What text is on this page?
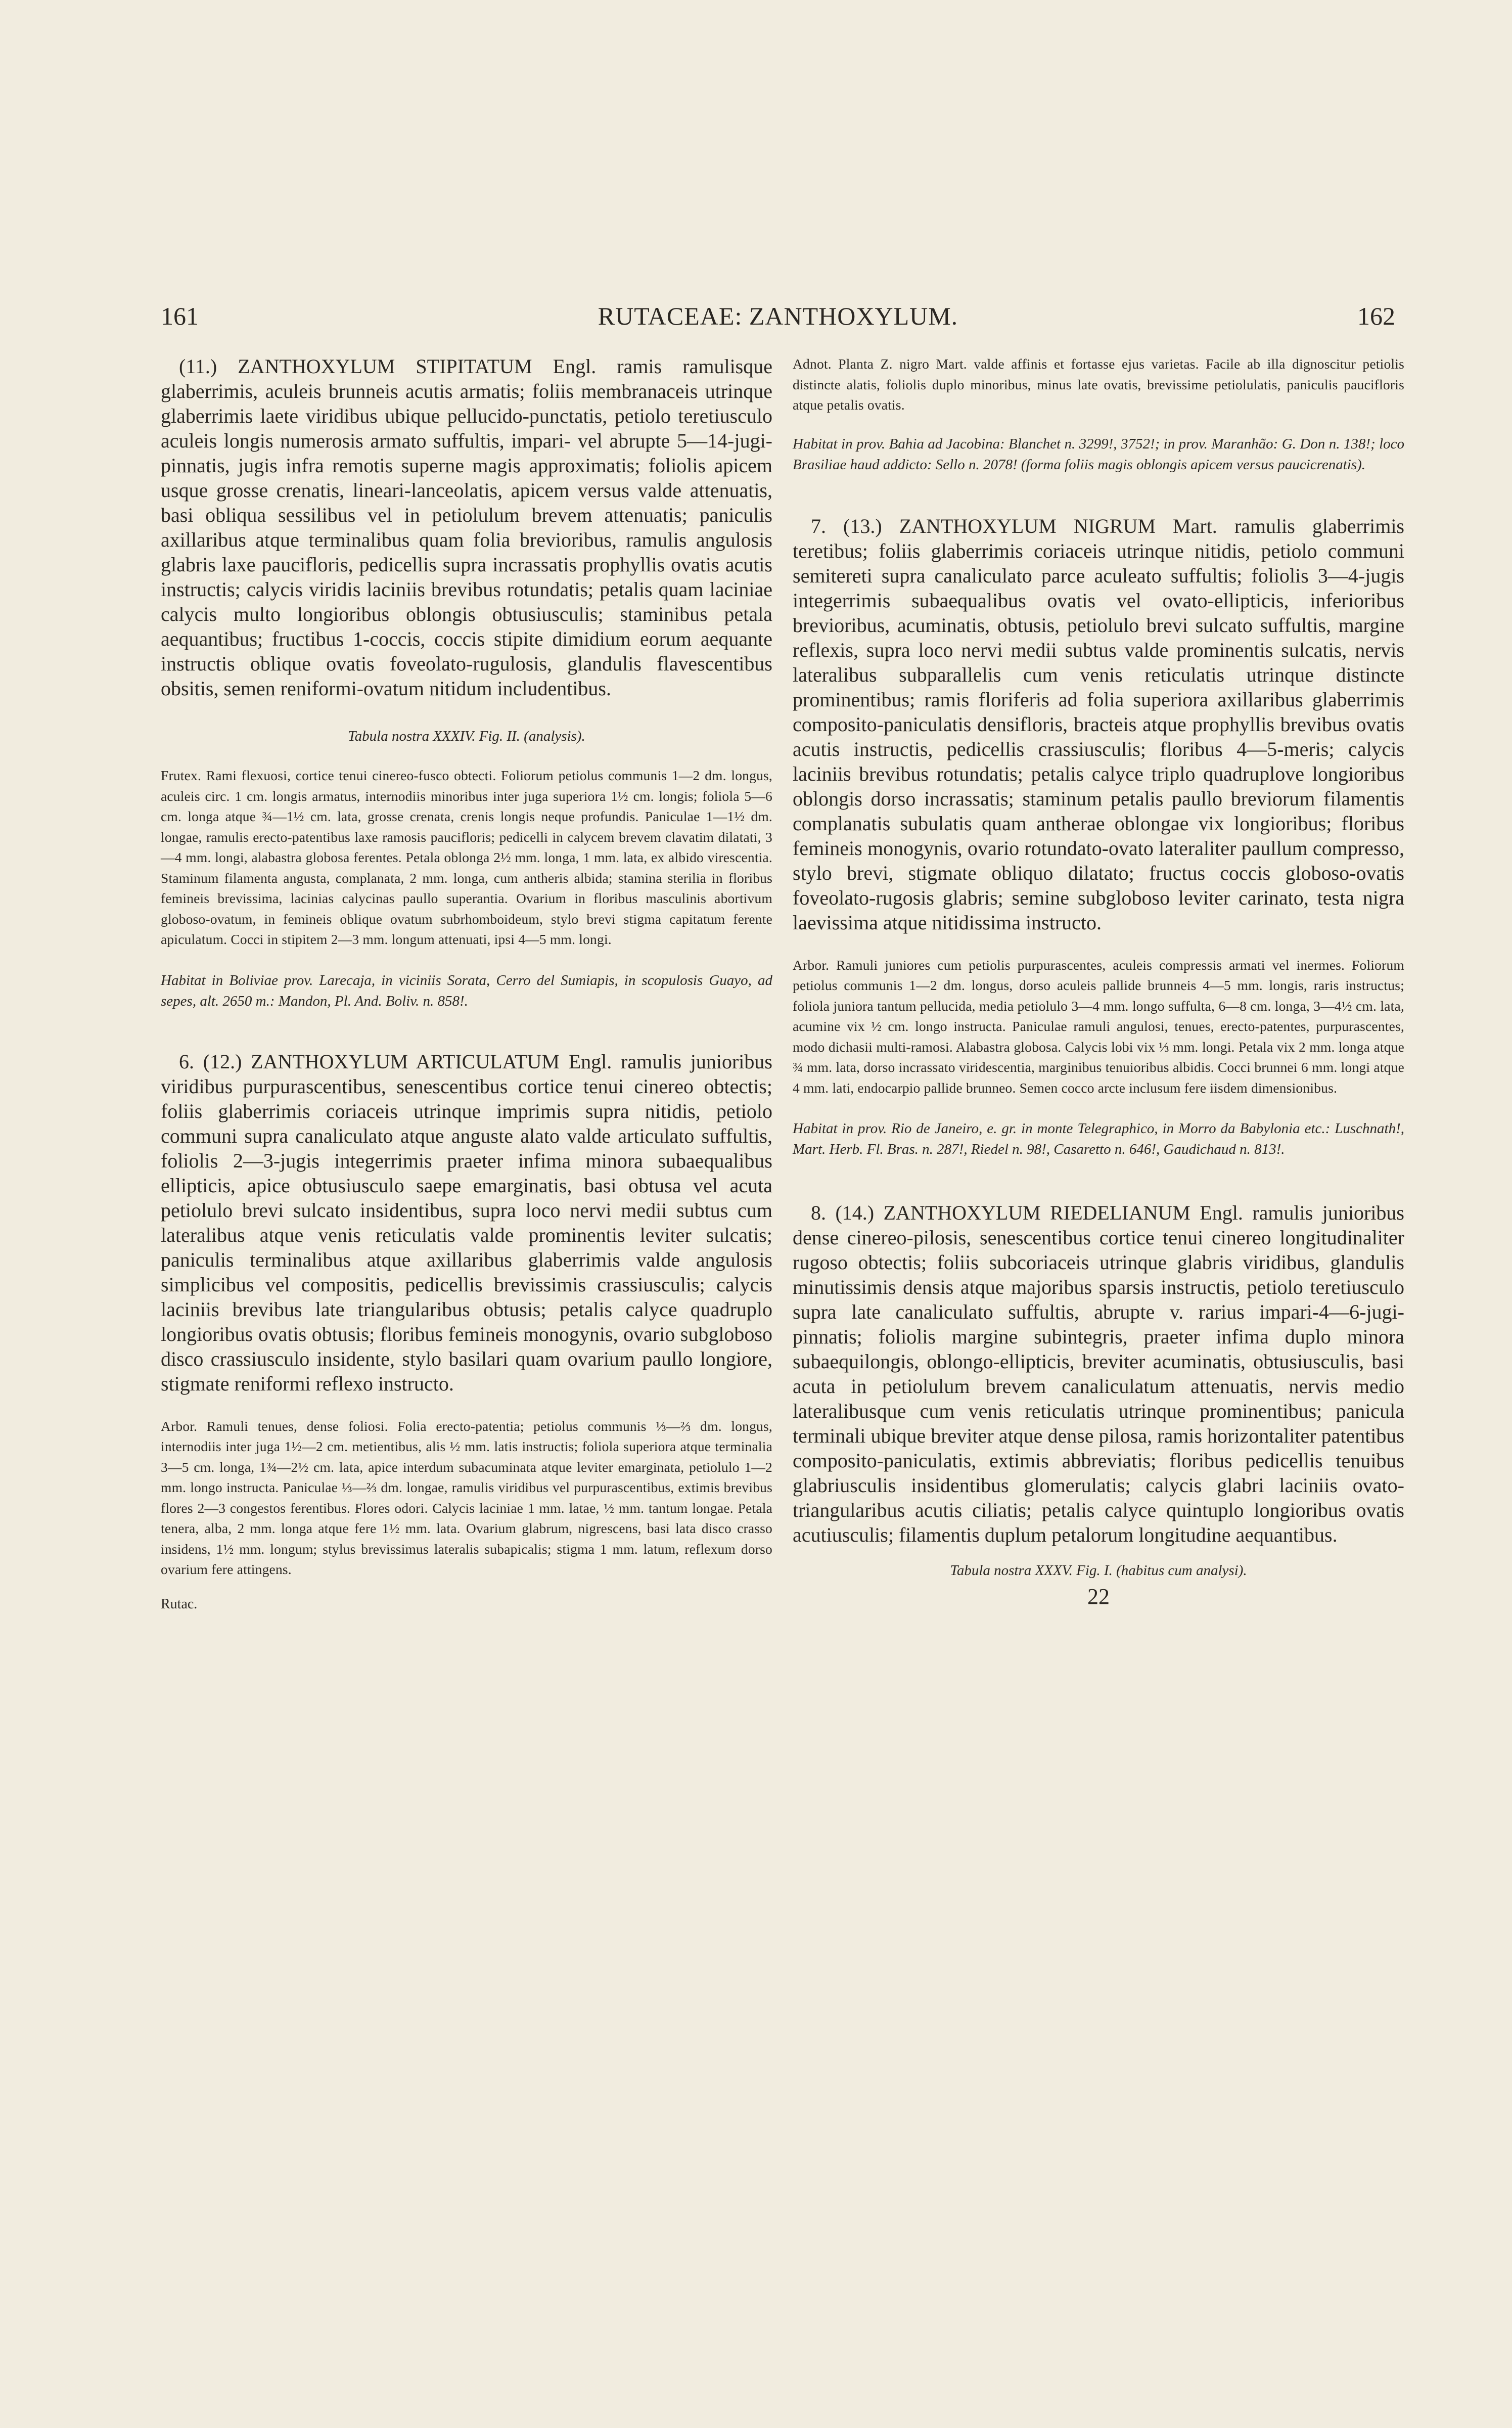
161	RUTACEAE: ZANTHOXYLUM.	162

(11.) ZANTHOXYLUM STIPITATUM Engl. ramis ramulisque glaberrimis, aculeis brunneis acutis armatis; foliis membranaceis utrinque glaberrimis laete viridibus ubique pellucido-punctatis, petiolo teretiusculo aculeis longis numerosis armato suffultis, impari- vel abrupte 5—14-jugi-pinnatis, jugis infra remotis superne magis approximatis; foliolis apicem usque grosse crenatis, lineari-lanceolatis, apicem versus valde attenuatis, basi obliqua sessilibus vel in petiolulum brevem attenuatis; paniculis axillaribus atque terminalibus quam folia brevioribus, ramulis angulosis glabris laxe paucifloris, pedicellis supra incrassatis prophyllis ovatis acutis instructis; calycis viridis laciniis brevibus rotundatis; petalis quam laciniae calycis multo longioribus oblongis obtusiusculis; staminibus petala aequantibus; fructibus 1-coccis, coccis stipite dimidium eorum aequante instructis oblique ovatis foveolato-rugulosis, glandulis flavescentibus obsitis, semen reniformi-ovatum nitidum includentibus.

Tabula nostra XXXIV. Fig. II. (analysis).

Frutex. Rami flexuosi, cortice tenui cinereo-fusco obtecti. Foliorum petiolus communis 1—2 dm. longus, aculeis circ. 1 cm. longis armatus, internodiis minoribus inter juga superiora 1½ cm. longis; foliola 5—6 cm. longa atque ¾—1½ cm. lata, grosse crenata, crenis longis neque profundis. Paniculae 1—1½ dm. longae, ramulis erecto-patentibus laxe ramosis paucifloris; pedicelli in calycem brevem clavatim dilatati, 3—4 mm. longi, alabastra globosa ferentes. Petala oblonga 2½ mm. longa, 1 mm. lata, ex albido virescentia. Staminum filamenta angusta, complanata, 2 mm. longa, cum antheris albida; stamina sterilia in floribus femineis brevissima, lacinias calycinas paullo superantia. Ovarium in floribus masculinis abortivum globoso-ovatum, in femineis oblique ovatum subrhomboideum, stylo brevi stigma capitatum ferente apiculatum. Cocci in stipitem 2—3 mm. longum attenuati, ipsi 4—5 mm. longi.

Habitat in Boliviae prov. Larecaja, in viciniis Sorata, Cerro del Sumiapis, in scopulosis Guayo, ad sepes, alt. 2650 m.: Mandon, Pl. And. Boliv. n. 858!.

6. (12.) ZANTHOXYLUM ARTICULATUM Engl. ramulis junioribus viridibus purpurascentibus, senescentibus cortice tenui cinereo obtectis; foliis glaberrimis coriaceis utrinque imprimis supra nitidis, petiolo communi supra canaliculato atque anguste alato valde articulato suffultis, foliolis 2—3-jugis integerrimis praeter infima minora subaequalibus ellipticis, apice obtusiusculo saepe emarginatis, basi obtusa vel acuta petiolulo brevi sulcato insidentibus, supra loco nervi medii subtus cum lateralibus atque venis reticulatis valde prominentis leviter sulcatis; paniculis terminalibus atque axillaribus glaberrimis valde angulosis simplicibus vel compositis, pedicellis brevissimis crassiusculis; calycis laciniis brevibus late triangularibus obtusis; petalis calyce quadruplo longioribus ovatis obtusis; floribus femineis monogynis, ovario subgloboso disco crassiusculo insidente, stylo basilari quam ovarium paullo longiore, stigmate reniformi reflexo instructo.

Arbor. Ramuli tenues, dense foliosi. Folia erecto-patentia; petiolus communis ⅓—⅔ dm. longus, internodiis inter juga 1½—2 cm. metientibus, alis ½ mm. latis instructis; foliola superiora atque terminalia 3—5 cm. longa, 1¾—2½ cm. lata, apice interdum subacuminata atque leviter emarginata, petiolulo 1—2 mm. longo instructa. Paniculae ⅓—⅔ dm. longae, ramulis viridibus vel purpurascentibus, extimis brevibus flores 2—3 congestos ferentibus. Flores odori. Calycis laciniae 1 mm. latae, ½ mm. tantum longae. Petala tenera, alba, 2 mm. longa atque fere 1½ mm. lata. Ovarium glabrum, nigrescens, basi lata disco crasso insidens, 1½ mm. longum; stylus brevissimus lateralis subapicalis; stigma 1 mm. latum, reflexum dorso ovarium fere attingens.

Rutac.

Adnot. Planta Z. nigro Mart. valde affinis et fortasse ejus varietas. Facile ab illa dignoscitur petiolis distincte alatis, foliolis duplo minoribus, minus late ovatis, brevissime petiolulatis, paniculis paucifloris atque petalis ovatis.

Habitat in prov. Bahia ad Jacobina: Blanchet n. 3299!, 3752!; in prov. Maranhão: G. Don n. 138!; loco Brasiliae haud addicto: Sello n. 2078! (forma foliis magis oblongis apicem versus paucicrenatis).

7. (13.) ZANTHOXYLUM NIGRUM Mart. ramulis glaberrimis teretibus; foliis glaberrimis coriaceis utrinque nitidis, petiolo communi semitereti supra canaliculato parce aculeato suffultis; foliolis 3—4-jugis integerrimis subaequalibus ovatis vel ovato-ellipticis, inferioribus brevioribus, acuminatis, obtusis, petiolulo brevi sulcato suffultis, margine reflexis, supra loco nervi medii subtus valde prominentis sulcatis, nervis lateralibus subparallelis cum venis reticulatis utrinque distincte prominentibus; ramis floriferis ad folia superiora axillaribus glaberrimis composito-paniculatis densifloris, bracteis atque prophyllis brevibus ovatis acutis instructis, pedicellis crassiusculis; floribus 4—5-meris; calycis laciniis brevibus rotundatis; petalis calyce triplo quadruplove longioribus oblongis dorso incrassatis; staminum petalis paullo breviorum filamentis complanatis subulatis quam antherae oblongae vix longioribus; floribus femineis monogynis, ovario rotundato-ovato lateraliter paullum compresso, stylo brevi, stigmate obliquo dilatato; fructus coccis globoso-ovatis foveolato-rugosis glabris; semine subgloboso leviter carinato, testa nigra laevissima atque nitidissima instructo.

Arbor. Ramuli juniores cum petiolis purpurascentes, aculeis compressis armati vel inermes. Foliorum petiolus communis 1—2 dm. longus, dorso aculeis pallide brunneis 4—5 mm. longis, raris instructus; foliola juniora tantum pellucida, media petiolulo 3—4 mm. longo suffulta, 6—8 cm. longa, 3—4½ cm. lata, acumine vix ½ cm. longo instructa. Paniculae ramuli angulosi, tenues, erecto-patentes, purpurascentes, modo dichasii multi-ramosi. Alabastra globosa. Calycis lobi vix ⅓ mm. longi. Petala vix 2 mm. longa atque ¾ mm. lata, dorso incrassato viridescentia, marginibus tenuioribus albidis. Cocci brunnei 6 mm. longi atque 4 mm. lati, endocarpio pallide brunneo. Semen cocco arcte inclusum fere iisdem dimensionibus.

Habitat in prov. Rio de Janeiro, e. gr. in monte Telegraphico, in Morro da Babylonia etc.: Luschnath!, Mart. Herb. Fl. Bras. n. 287!, Riedel n. 98!, Casaretto n. 646!, Gaudichaud n. 813!.

8. (14.) ZANTHOXYLUM RIEDELIANUM Engl. ramulis junioribus dense cinereo-pilosis, senescentibus cortice tenui cinereo longitudinaliter rugoso obtectis; foliis subcoriaceis utrinque glabris viridibus, glandulis minutissimis densis atque majoribus sparsis instructis, petiolo teretiusculo supra late canaliculato suffultis, abrupte v. rarius impari-4—6-jugi-pinnatis; foliolis margine subintegris, praeter infima duplo minora subaequilongis, oblongo-ellipticis, breviter acuminatis, obtusiusculis, basi acuta in petiolulum brevem canaliculatum attenuatis, nervis medio lateralibusque cum venis reticulatis utrinque prominentibus; panicula terminali ubique breviter atque dense pilosa, ramis horizontaliter patentibus composito-paniculatis, extimis abbreviatis; floribus pedicellis tenuibus glabriusculis insidentibus glomerulatis; calycis glabri laciniis ovato-triangularibus acutis ciliatis; petalis calyce quintuplo longioribus ovatis acutiusculis; filamentis duplum petalorum longitudine aequantibus.

Tabula nostra XXXV. Fig. I. (habitus cum analysi).

22
